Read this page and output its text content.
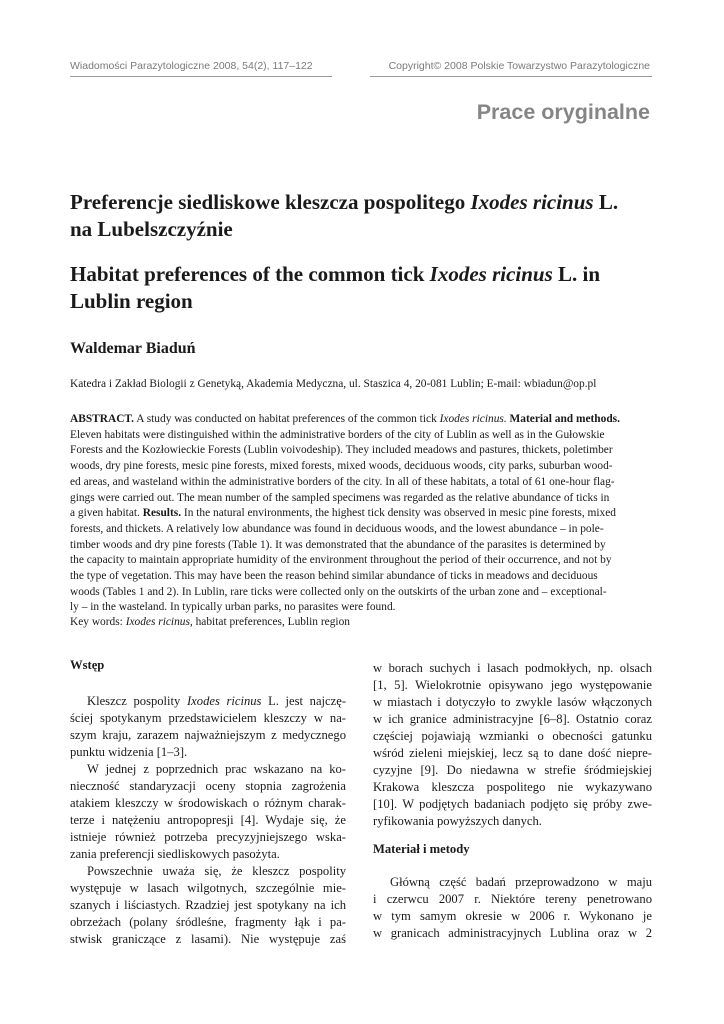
Wiadomości Parazytologiczne 2008, 54(2), 117–122	Copyright© 2008 Polskie Towarzystwo Parazytologiczne
Prace oryginalne
Preferencje siedliskowe kleszcza pospolitego Ixodes ricinus L.
na Lubelszczyźnie
Habitat preferences of the common tick Ixodes ricinus L. in
Lublin region
Waldemar Biaduń
Katedra i Zakład Biologii z Genetyką, Akademia Medyczna, ul. Staszica 4, 20-081 Lublin; E-mail: wbiadun@op.pl
ABSTRACT. A study was conducted on habitat preferences of the common tick Ixodes ricinus. Material and methods.
Eleven habitats were distinguished within the administrative borders of the city of Lublin as well as in the Gułowskie
Forests and the Kozłowieckie Forests (Lublin voivodeship). They included meadows and pastures, thickets, poletimber
woods, dry pine forests, mesic pine forests, mixed forests, mixed woods, deciduous woods, city parks, suburban wood-
ed areas, and wasteland within the administrative borders of the city. In all of these habitats, a total of 61 one-hour flag-
gings were carried out. The mean number of the sampled specimens was regarded as the relative abundance of ticks in
a given habitat. Results. In the natural environments, the highest tick density was observed in mesic pine forests, mixed
forests, and thickets. A relatively low abundance was found in deciduous woods, and the lowest abundance – in pole-
timber woods and dry pine forests (Table 1). It was demonstrated that the abundance of the parasites is determined by
the capacity to maintain appropriate humidity of the environment throughout the period of their occurrence, and not by
the type of vegetation. This may have been the reason behind similar abundance of ticks in meadows and deciduous
woods (Tables 1 and 2). In Lublin, rare ticks were collected only on the outskirts of the urban zone and – exceptional-
ly – in the wasteland. In typically urban parks, no parasites were found.
Key words: Ixodes ricinus, habitat preferences, Lublin region
Wstęp
Kleszcz pospolity Ixodes ricinus L. jest najczę-
ściej spotykanym przedstawicielem kleszczy w na-
szym kraju, zarazem najważniejszym z medycznego
punktu widzenia [1–3].
W jednej z poprzednich prac wskazano na ko-
nieczność standaryzacji oceny stopnia zagrożenia
atakiem kleszczy w środowiskach o różnym charak-
terze i natężeniu antropopresji [4]. Wydaje się, że
istnieje również potrzeba precyzyjniejszego wska-
zania preferencji siedliskowych pasożyta.
Powszechnie uważa się, że kleszcz pospolity
występuje w lasach wilgotnych, szczególnie mie-
szanych i liściastych. Rzadziej jest spotykany na ich
obrzeżach (polany śródleśne, fragmenty łąk i pa-
stwisk graniczące z lasami). Nie występuje zaś
w borach suchych i lasach podmokłych, np. olsach
[1, 5]. Wielokrotnie opisywano jego występowanie
w miastach i dotyczyło to zwykle lasów włączonych
w ich granice administracyjne [6–8]. Ostatnio coraz
częściej pojawiają wzmianki o obecności gatunku
wśród zieleni miejskiej, lecz są to dane dość niepre-
cyzyjne [9]. Do niedawna w strefie śródmiejskiej
Krakowa kleszcza pospolitego nie wykazywano
[10]. W podjętych badaniach podjęto się próby zwe-
ryfikowania powyższych danych.
Materiał i metody
Główną część badań przeprowadzono w maju
i czerwcu 2007 r. Niektóre tereny penetrowano
w tym samym okresie w 2006 r. Wykonano je
w granicach administracyjnych Lublina oraz w 2
